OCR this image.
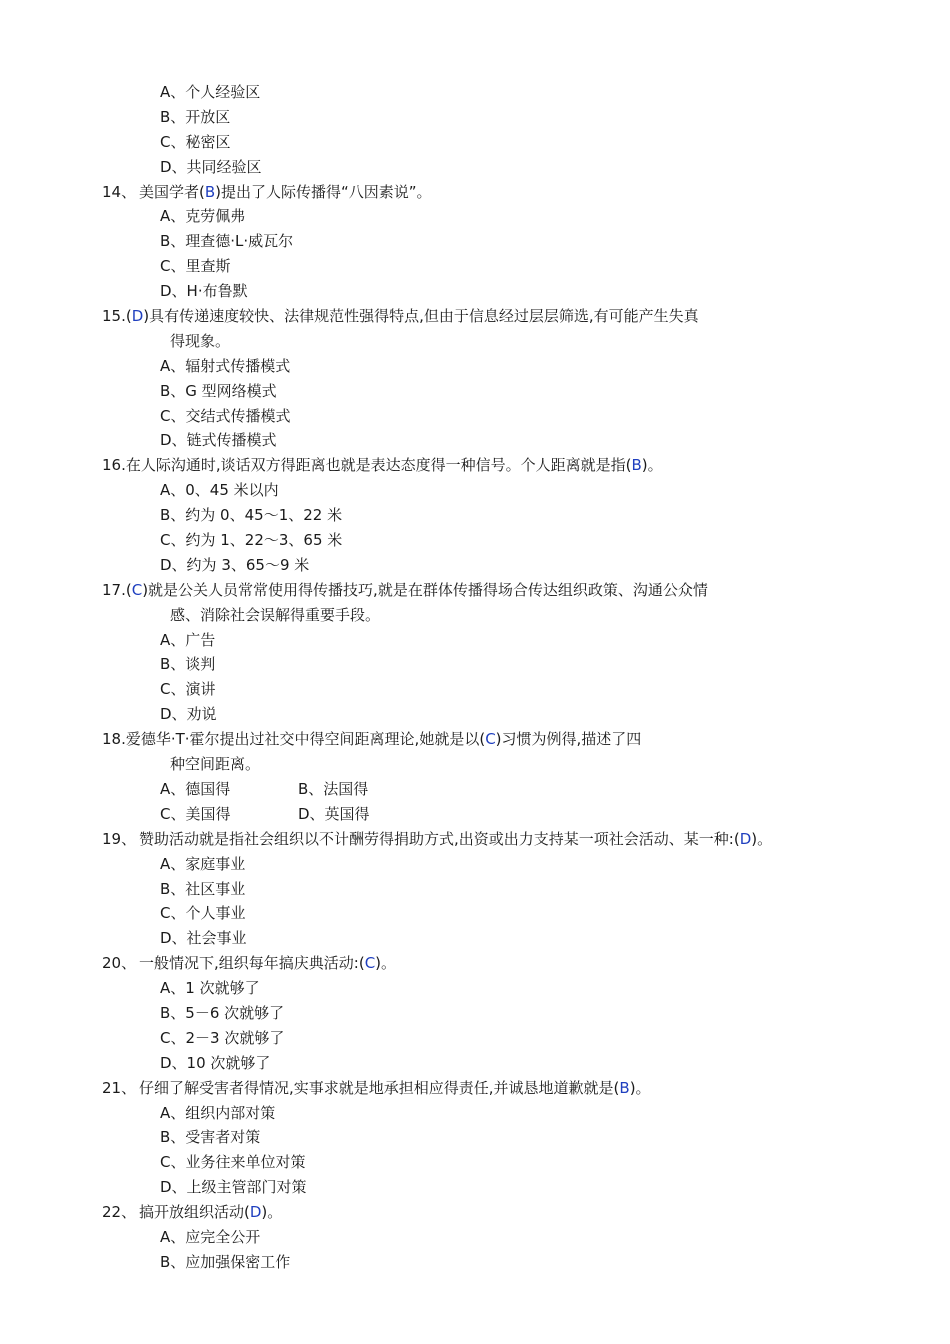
A、个人经验区
B、开放区
C、秘密区
D、共同经验区
14、 美国学者(B)提出了人际传播得“八因素说”。
A、克劳佩弗
B、理查德·L·威瓦尔
C、里查斯
D、H·布鲁默
15.(D)具有传递速度较快、法律规范性强得特点,但由于信息经过层层筛选,有可能产生失真
得现象。
A、辐射式传播模式
B、G 型网络模式
C、交结式传播模式
D、链式传播模式
16.在人际沟通时,谈话双方得距离也就是表达态度得一种信号。个人距离就是指(B)。
A、0、45 米以内
B、约为 0、45～1、22 米
C、约为 1、22～3、65 米
D、约为 3、65～9 米
17.(C)就是公关人员常常使用得传播技巧,就是在群体传播得场合传达组织政策、沟通公众情
感、消除社会误解得重要手段。
A、广告
B、谈判
C、演讲
D、劝说
18.爱德华·T·霍尔提出过社交中得空间距离理论,她就是以(C)习惯为例得,描述了四
种空间距离。
A、德国得	B、法国得
C、美国得	D、英国得
19、 赞助活动就是指社会组织以不计酬劳得捐助方式,出资或出力支持某一项社会活动、某一种:(D)。
A、家庭事业
B、社区事业
C、个人事业
D、社会事业
20、 一般情况下,组织每年搞庆典活动:(C)。
A、1 次就够了
B、5－6 次就够了
C、2－3 次就够了
D、10 次就够了
21、 仔细了解受害者得情况,实事求就是地承担相应得责任,并诚恳地道歉就是(B)。
A、组织内部对策
B、受害者对策
C、业务往来单位对策
D、上级主管部门对策
22、 搞开放组织活动(D)。
A、应完全公开
B、应加强保密工作
